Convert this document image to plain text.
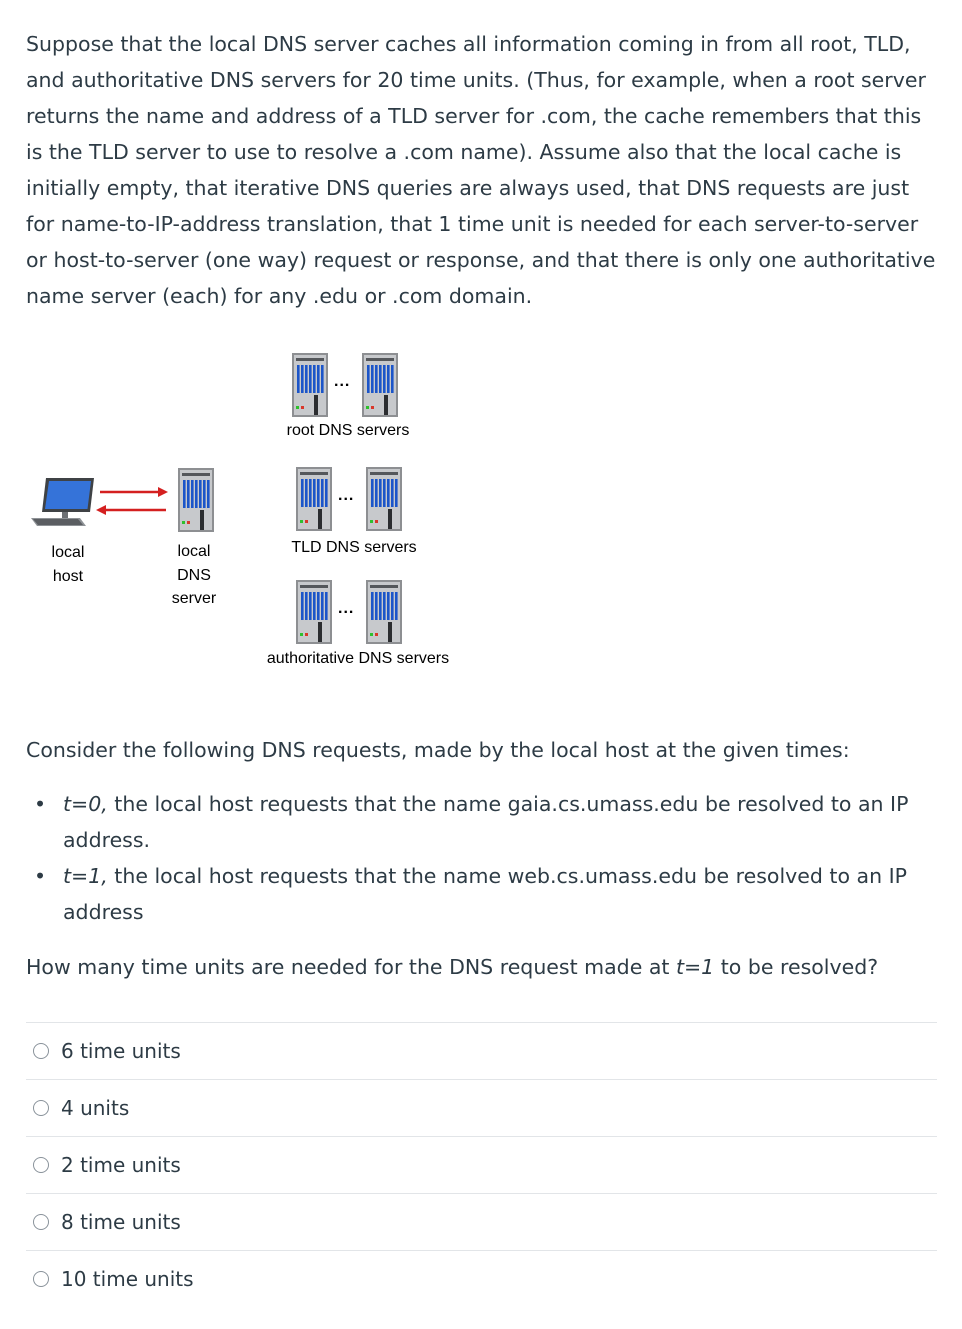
Suppose that the local DNS server caches all information coming in from all root, TLD, and authoritative DNS servers for 20 time units. (Thus, for example, when a root server returns the name and address of a TLD server for .com, the cache remembers that this is the TLD server to use to resolve a .com name). Assume also that the local cache is initially empty, that iterative DNS queries are always used, that DNS requests are just for name-to-IP-address translation, that 1 time unit is needed for each server-to-server or host-to-server (one way) request or response, and that there is only one authoritative name server (each) for any .edu or .com domain.

local
host
local
DNS
server
...
root DNS servers
...
TLD DNS servers
...
authoritative DNS servers

Consider the following DNS requests, made by the local host at the given times:

• t=0, the local host requests that the name gaia.cs.umass.edu be resolved to an IP address.
• t=1, the local host requests that the name web.cs.umass.edu be resolved to an IP address

How many time units are needed for the DNS request made at t=1 to be resolved?

6 time units
4 units
2 time units
8 time units
10 time units
